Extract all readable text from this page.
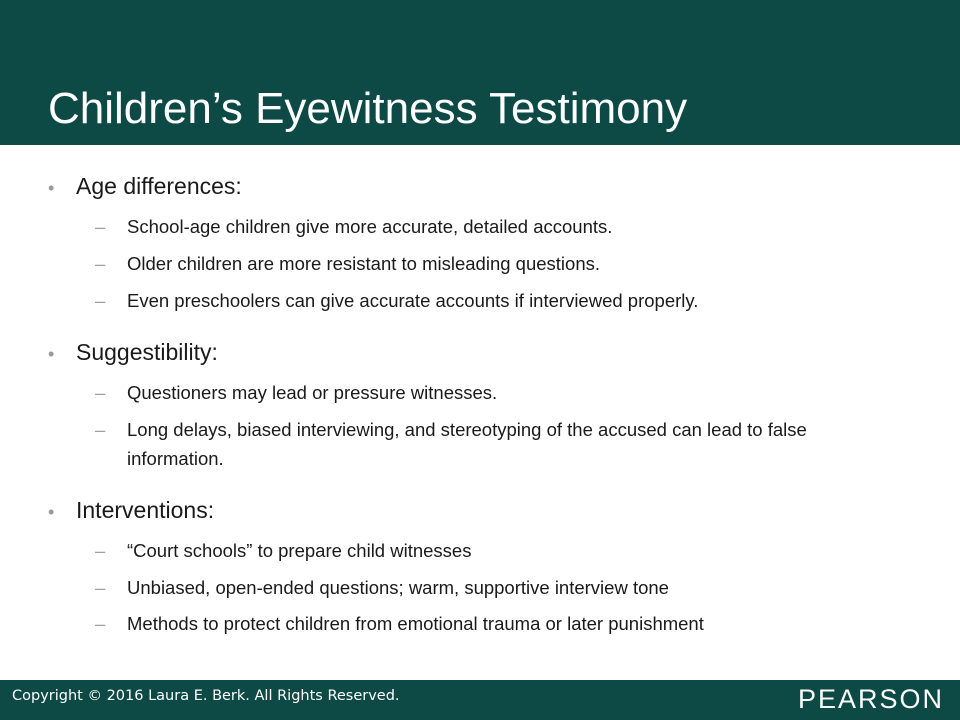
Children’s Eyewitness Testimony
• Age differences:
–	School-age children give more accurate, detailed accounts.
–	Older children are more resistant to misleading questions.
–	Even preschoolers can give accurate accounts if interviewed properly.
• Suggestibility:
–	Questioners may lead or pressure witnesses.
–	Long delays, biased interviewing, and stereotyping of the accused can lead to false information.
• Interventions:
–	“Court schools” to prepare child witnesses
–	Unbiased, open-ended questions; warm, supportive interview tone
–	Methods to protect children from emotional trauma or later punishment
Copyright © 2016 Laura E. Berk. All Rights Reserved.	PEARSON
